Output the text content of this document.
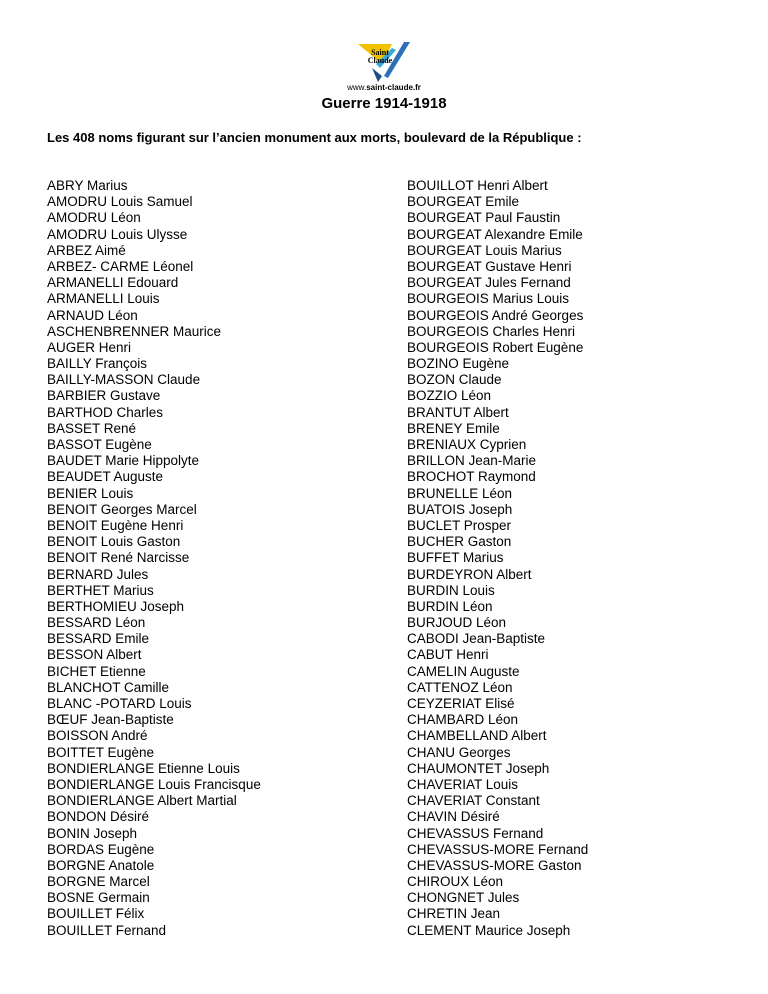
Saint
Claude
www.saint-claude.fr
Guerre 1914-1918
Les 408 noms figurant sur l’ancien monument aux morts, boulevard de la République :
ABRY Marius
AMODRU Louis Samuel
AMODRU Léon
AMODRU Louis Ulysse
ARBEZ Aimé
ARBEZ- CARME Léonel
ARMANELLI Edouard
ARMANELLI Louis
ARNAUD Léon
ASCHENBRENNER Maurice
AUGER Henri
BAILLY François
BAILLY-MASSON Claude
BARBIER Gustave
BARTHOD Charles
BASSET René
BASSOT Eugène
BAUDET Marie Hippolyte
BEAUDET Auguste
BENIER Louis
BENOIT Georges Marcel
BENOIT Eugène Henri
BENOIT Louis Gaston
BENOIT René Narcisse
BERNARD Jules
BERTHET Marius
BERTHOMIEU Joseph
BESSARD Léon
BESSARD Emile
BESSON Albert
BICHET Etienne
BLANCHOT Camille
BLANC -POTARD Louis
BŒUF Jean-Baptiste
BOISSON André
BOITTET Eugène
BONDIERLANGE Etienne Louis
BONDIERLANGE Louis Francisque
BONDIERLANGE Albert Martial
BONDON Désiré
BONIN Joseph
BORDAS Eugène
BORGNE Anatole
BORGNE Marcel
BOSNE Germain
BOUILLET Félix
BOUILLET Fernand
BOUILLOT Henri Albert
BOURGEAT Emile
BOURGEAT Paul Faustin
BOURGEAT Alexandre Emile
BOURGEAT Louis Marius
BOURGEAT Gustave Henri
BOURGEAT Jules Fernand
BOURGEOIS Marius Louis
BOURGEOIS André Georges
BOURGEOIS Charles Henri
BOURGEOIS Robert Eugène
BOZINO Eugène
BOZON Claude
BOZZIO Léon
BRANTUT Albert
BRENEY Emile
BRENIAUX Cyprien
BRILLON Jean-Marie
BROCHOT Raymond
BRUNELLE Léon
BUATOIS Joseph
BUCLET Prosper
BUCHER Gaston
BUFFET Marius
BURDEYRON Albert
BURDIN Louis
BURDIN Léon
BURJOUD Léon
CABODI Jean-Baptiste
CABUT Henri
CAMELIN Auguste
CATTENOZ Léon
CEYZERIAT Elisé
CHAMBARD Léon
CHAMBELLAND Albert
CHANU Georges
CHAUMONTET Joseph
CHAVERIAT Louis
CHAVERIAT Constant
CHAVIN Désiré
CHEVASSUS Fernand
CHEVASSUS-MORE Fernand
CHEVASSUS-MORE Gaston
CHIROUX Léon
CHONGNET Jules
CHRETIN Jean
CLEMENT Maurice Joseph
